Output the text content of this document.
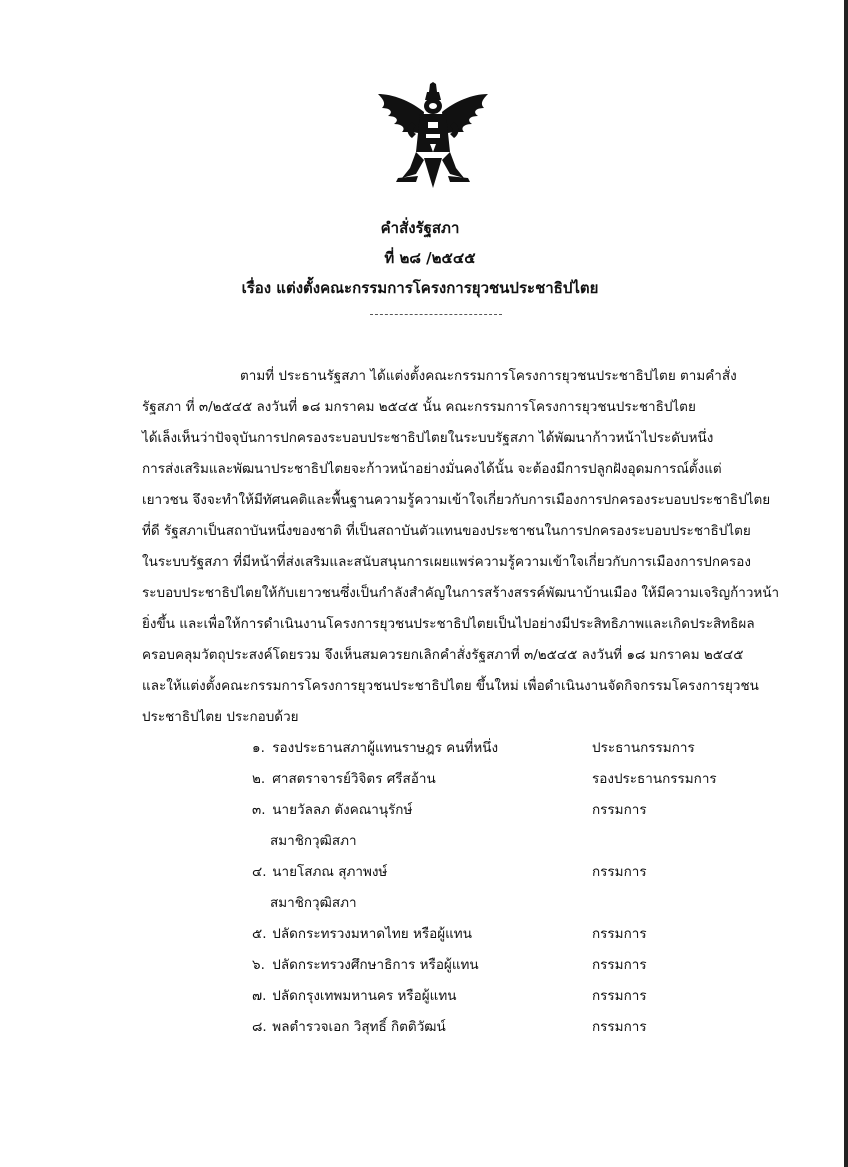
คำสั่งรัฐสภา
ที่ ๒๘ /๒๕๔๕
เรื่อง แต่งตั้งคณะกรรมการโครงการยุวชนประชาธิปไตย
ตามที่ ประธานรัฐสภา ได้แต่งตั้งคณะกรรมการโครงการยุวชนประชาธิปไตย ตามคำสั่ง
รัฐสภา ที่ ๓/๒๕๔๕ ลงวันที่ ๑๘ มกราคม ๒๕๔๕ นั้น คณะกรรมการโครงการยุวชนประชาธิปไตย
ได้เล็งเห็นว่าปัจจุบันการปกครองระบอบประชาธิปไตยในระบบรัฐสภา ได้พัฒนาก้าวหน้าไประดับหนึ่ง
การส่งเสริมและพัฒนาประชาธิปไตยจะก้าวหน้าอย่างมั่นคงได้นั้น จะต้องมีการปลูกฝังอุดมการณ์ตั้งแต่
เยาวชน จึงจะทำให้มีทัศนคติและพื้นฐานความรู้ความเข้าใจเกี่ยวกับการเมืองการปกครองระบอบประชาธิปไตย
ที่ดี รัฐสภาเป็นสถาบันหนึ่งของชาติ ที่เป็นสถาบันตัวแทนของประชาชนในการปกครองระบอบประชาธิปไตย
ในระบบรัฐสภา ที่มีหน้าที่ส่งเสริมและสนับสนุนการเผยแพร่ความรู้ความเข้าใจเกี่ยวกับการเมืองการปกครอง
ระบอบประชาธิปไตยให้กับเยาวชนซึ่งเป็นกำลังสำคัญในการสร้างสรรค์พัฒนาบ้านเมือง ให้มีความเจริญก้าวหน้า
ยิ่งขึ้น และเพื่อให้การดำเนินงานโครงการยุวชนประชาธิปไตยเป็นไปอย่างมีประสิทธิภาพและเกิดประสิทธิผล
ครอบคลุมวัตถุประสงค์โดยรวม จึงเห็นสมควรยกเลิกคำสั่งรัฐสภาที่ ๓/๒๕๔๕ ลงวันที่ ๑๘ มกราคม ๒๕๔๕
และให้แต่งตั้งคณะกรรมการโครงการยุวชนประชาธิปไตย ขึ้นใหม่ เพื่อดำเนินงานจัดกิจกรรมโครงการยุวชน
ประชาธิปไตย ประกอบด้วย
๑. รองประธานสภาผู้แทนราษฎร คนที่หนึ่ง	ประธานกรรมการ
๒. ศาสตราจารย์วิจิตร ศรีสอ้าน	รองประธานกรรมการ
๓. นายวัลลภ ตังคณานุรักษ์	กรรมการ
สมาชิกวุฒิสภา
๔. นายโสภณ สุภาพงษ์	กรรมการ
สมาชิกวุฒิสภา
๕. ปลัดกระทรวงมหาดไทย หรือผู้แทน	กรรมการ
๖. ปลัดกระทรวงศึกษาธิการ หรือผู้แทน	กรรมการ
๗. ปลัดกรุงเทพมหานคร หรือผู้แทน	กรรมการ
๘. พลตำรวจเอก วิสุทธิ์ กิตติวัฒน์	กรรมการ
